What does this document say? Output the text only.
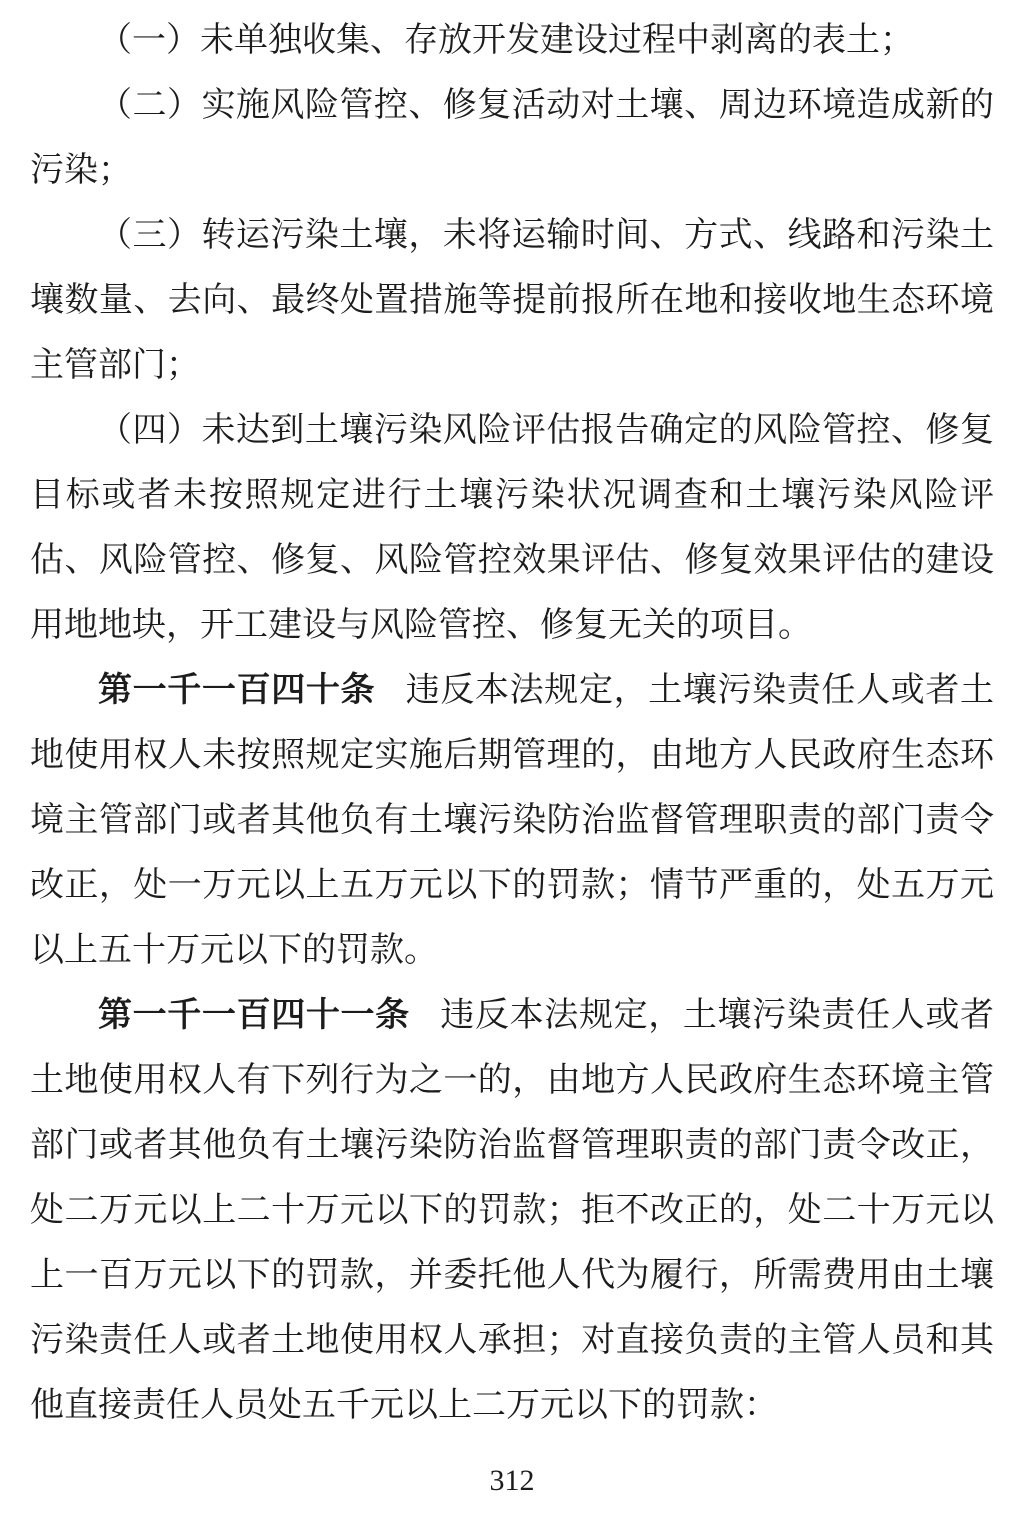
（一）未单独收集、存放开发建设过程中剥离的表土；

（二）实施风险管控、修复活动对土壤、周边环境造成新的污染；

（三）转运污染土壤，未将运输时间、方式、线路和污染土壤数量、去向、最终处置措施等提前报所在地和接收地生态环境主管部门；

（四）未达到土壤污染风险评估报告确定的风险管控、修复目标或者未按照规定进行土壤污染状况调查和土壤污染风险评估、风险管控、修复、风险管控效果评估、修复效果评估的建设用地地块，开工建设与风险管控、修复无关的项目。

第一千一百四十条 违反本法规定，土壤污染责任人或者土地使用权人未按照规定实施后期管理的，由地方人民政府生态环境主管部门或者其他负有土壤污染防治监督管理职责的部门责令改正，处一万元以上五万元以下的罚款；情节严重的，处五万元以上五十万元以下的罚款。

第一千一百四十一条 违反本法规定，土壤污染责任人或者土地使用权人有下列行为之一的，由地方人民政府生态环境主管部门或者其他负有土壤污染防治监督管理职责的部门责令改正，处二万元以上二十万元以下的罚款；拒不改正的，处二十万元以上一百万元以下的罚款，并委托他人代为履行，所需费用由土壤污染责任人或者土地使用权人承担；对直接负责的主管人员和其他直接责任人员处五千元以上二万元以下的罚款：

312
